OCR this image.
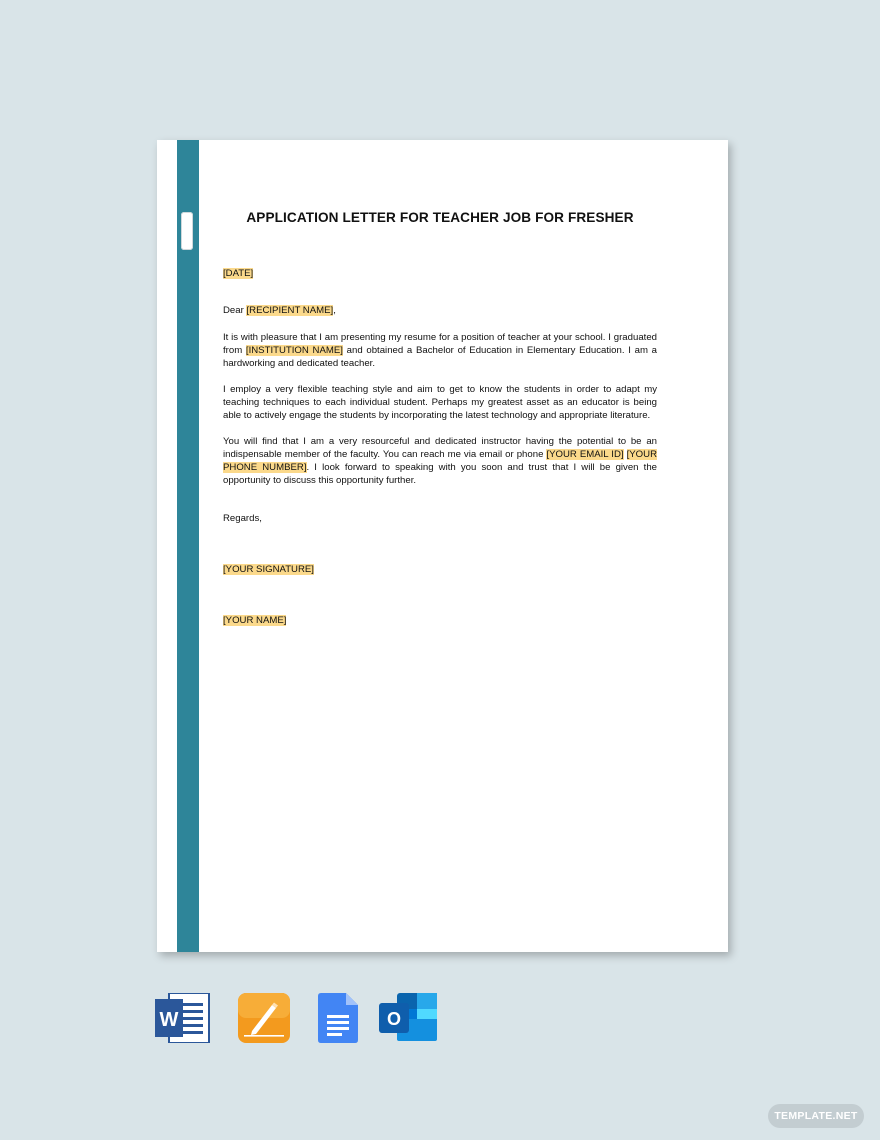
APPLICATION LETTER FOR TEACHER JOB FOR FRESHER
[DATE]
Dear [RECIPIENT NAME],
It is with pleasure that I am presenting my resume for a position of teacher at your school. I graduated from [INSTITUTION NAME] and obtained a Bachelor of Education in Elementary Education. I am a hardworking and dedicated teacher.
I employ a very flexible teaching style and aim to get to know the students in order to adapt my teaching techniques to each individual student. Perhaps my greatest asset as an educator is being able to actively engage the students by incorporating the latest technology and appropriate literature.
You will find that I am a very resourceful and dedicated instructor having the potential to be an indispensable member of the faculty. You can reach me via email or phone [YOUR EMAIL ID] [YOUR PHONE NUMBER]. I look forward to speaking with you soon and trust that I will be given the opportunity to discuss this opportunity further.
Regards,
[YOUR SIGNATURE]
[YOUR NAME]
W	O
TEMPLATE.NET
